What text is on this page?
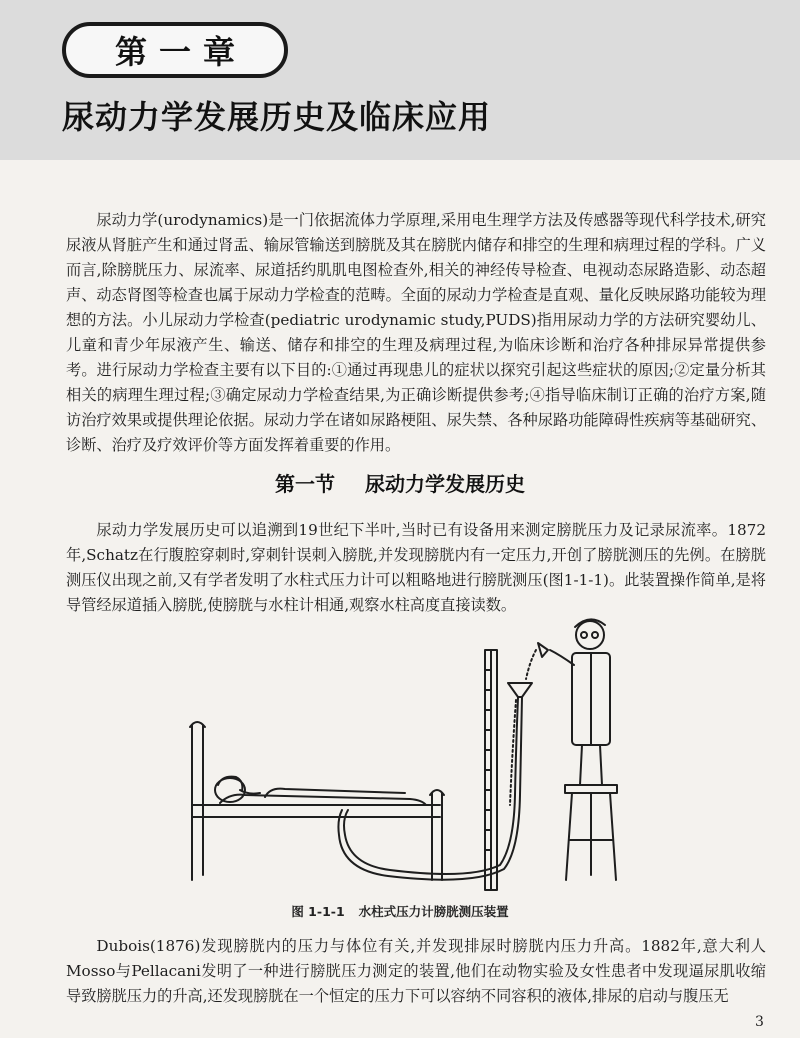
第一章
尿动力学发展历史及临床应用

尿动力学(urodynamics)是一门依据流体力学原理,采用电生理学方法及传感器等现代科学技术,研究尿液从肾脏产生和通过肾盂、输尿管输送到膀胱及其在膀胱内储存和排空的生理和病理过程的学科。广义而言,除膀胱压力、尿流率、尿道括约肌肌电图检查外,相关的神经传导检查、电视动态尿路造影、动态超声、动态肾图等检查也属于尿动力学检查的范畴。全面的尿动力学检查是直观、量化反映尿路功能较为理想的方法。小儿尿动力学检查(pediatric urodynamic study,PUDS)指用尿动力学的方法研究婴幼儿、儿童和青少年尿液产生、输送、储存和排空的生理及病理过程,为临床诊断和治疗各种排尿异常提供参考。进行尿动力学检查主要有以下目的:①通过再现患儿的症状以探究引起这些症状的原因;②定量分析其相关的病理生理过程;③确定尿动力学检查结果,为正确诊断提供参考;④指导临床制订正确的治疗方案,随访治疗效果或提供理论依据。尿动力学在诸如尿路梗阻、尿失禁、各种尿路功能障碍性疾病等基础研究、诊断、治疗及疗效评价等方面发挥着重要的作用。

第一节 尿动力学发展历史

尿动力学发展历史可以追溯到19世纪下半叶,当时已有设备用来测定膀胱压力及记录尿流率。1872年,Schatz在行腹腔穿刺时,穿刺针误刺入膀胱,并发现膀胱内有一定压力,开创了膀胱测压的先例。在膀胱测压仪出现之前,又有学者发明了水柱式压力计可以粗略地进行膀胱测压(图1-1-1)。此装置操作简单,是将导管经尿道插入膀胱,使膀胱与水柱计相通,观察水柱高度直接读数。

图 1-1-1 水柱式压力计膀胱测压装置

Dubois(1876)发现膀胱内的压力与体位有关,并发现排尿时膀胱内压力升高。1882年,意大利人Mosso与Pellacani发明了一种进行膀胱压力测定的装置,他们在动物实验及女性患者中发现逼尿肌收缩导致膀胱压力的升高,还发现膀胱在一个恒定的压力下可以容纳不同容积的液体,排尿的启动与腹压无

3
